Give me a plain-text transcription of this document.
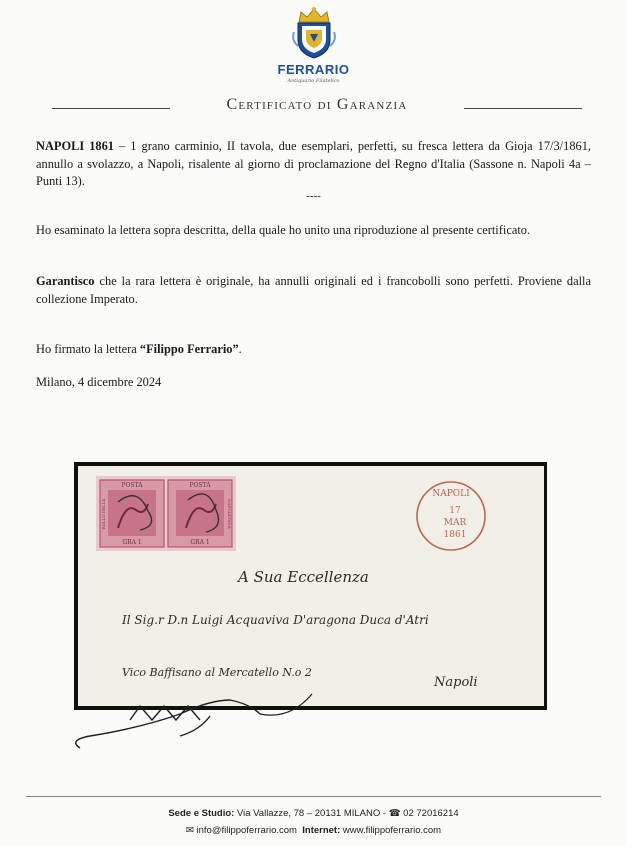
FERRARIO
Antiquario Filatelico
Certificato di Garanzia
NAPOLI 1861 – 1 grano carminio, II tavola, due esemplari, perfetti, su fresca lettera da Gioja 17/3/1861, annullo a svolazzo, a Napoli, risalente al giorno di proclamazione del Regno d'Italia (Sassone n. Napoli 4a – Punti 13).
----
Ho esaminato la lettera sopra descritta, della quale ho unito una riproduzione al presente certificato.
Garantisco che la rara lettera è originale, ha annulli originali ed i francobolli sono perfetti. Proviene dalla collezione Imperato.
Ho firmato la lettera “Filippo Ferrario”.
Milano, 4 dicembre 2024
POSTA	POSTA
BOLLO DELLA	NAPOLETANA
GRA 1	GRA 1
NAPOLI
17
MAR
1861
A Sua Eccellenza
Il Sig.r D.n Luigi Acquaviva D'aragona Duca d'Atri
Vico Baffisano al Mercatello N.o 2
Napoli
Sede e Studio: Via Vallazze, 78 – 20131 MILANO - ☎ 02 72016214
✉ info@filippoferrario.com Internet: www.filippoferrario.com
